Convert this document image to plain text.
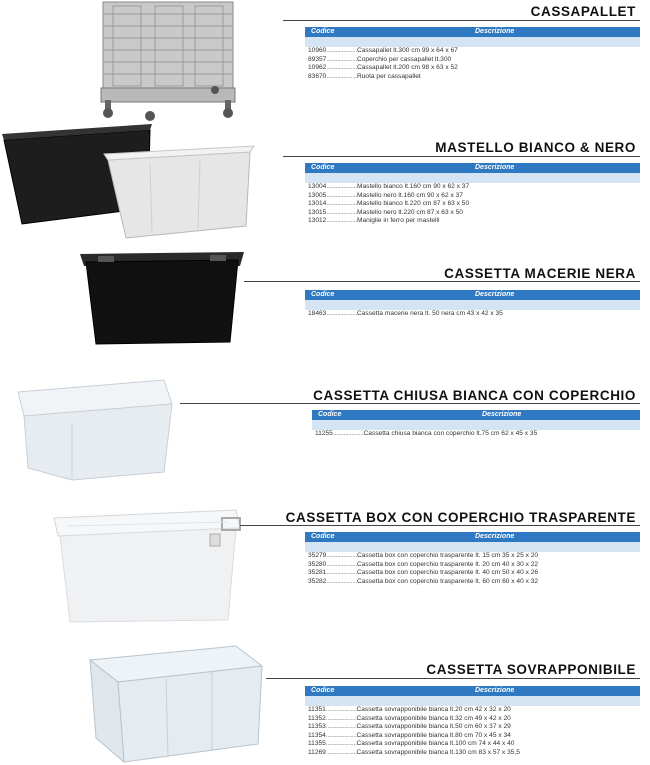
CASSAPALLET
Codice	Descrizione
10960....................Cassapallet lt.300 cm 99 x 64 x 67
89357....................Coperchio per cassapallet lt.300
10962....................Cassapallet lt.200 cm 98 x 63 x 52
83670....................Ruota per cassapallet
MASTELLO BIANCO & NERO
Codice	Descrizione
13004....................Mastello bianco lt.160 cm 90 x 62 x 37
13005....................Mastello nero lt.160 cm 90 x 62 x 37
13014....................Mastello bianco lt.220 cm 87 x 63 x 50
13015....................Mastello nero lt.220 cm 87 x 63 x 50
13012....................Maniglie in ferro per mastelli
CASSETTA MACERIE NERA
Codice	Descrizione
18463....................Cassetta macerie nera lt. 50 nera cm 43 x 42 x 35
CASSETTA CHIUSA BIANCA CON COPERCHIO
Codice	Descrizione
11255....................Cassetta chiusa bianca con coperchio lt.75 cm 62 x 45 x 35
CASSETTA BOX CON COPERCHIO TRASPARENTE
Codice	Descrizione
35279....................Cassetta box con coperchio trasparente lt. 15 cm 35 x 25 x 20
35280....................Cassetta box con coperchio trasparente lt. 20 cm 40 x 30 x 22
35281....................Cassetta box con coperchio trasparente lt. 40 cm 50 x 40 x 26
35282....................Cassetta box con coperchio trasparente lt. 60 cm 60 x 40 x 32
CASSETTA SOVRAPPONIBILE
Codice	Descrizione
11351....................Cassetta sovrapponibile bianca lt.20 cm 42 x 32 x 20
11352....................Cassetta sovrapponibile bianca lt.32 cm 49 x 42 x 20
11353....................Cassetta sovrapponibile bianca lt.50 cm 60 x 37 x 29
11354....................Cassetta sovrapponibile bianca lt.80 cm 70 x 45 x 34
11355....................Cassetta sovrapponibile bianca lt.100 cm 74 x 44 x 40
11269....................Cassetta sovrapponibile bianca lt.130 cm 83 x 57 x 35,5
